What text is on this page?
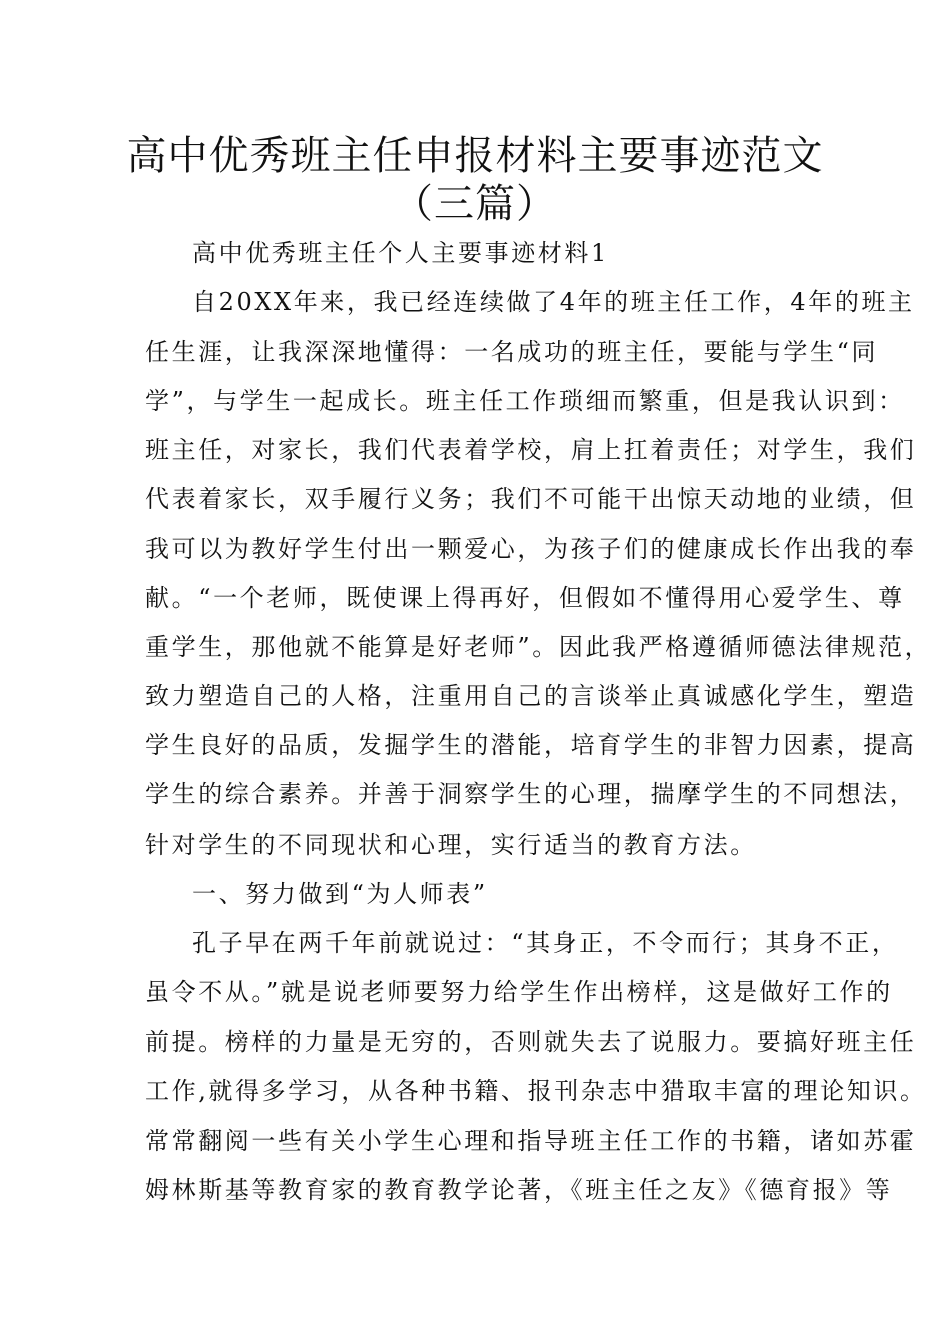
高中优秀班主任申报材料主要事迹范文
（三篇）
高中优秀班主任个人主要事迹材料1
自20XX年来，我已经连续做了4年的班主任工作，4年的班主
任生涯，让我深深地懂得：一名成功的班主任，要能与学生“同
学”，与学生一起成长。班主任工作琐细而繁重，但是我认识到：
班主任，对家长，我们代表着学校，肩上扛着责任；对学生，我们
代表着家长，双手履行义务；我们不可能干出惊天动地的业绩，但
我可以为教好学生付出一颗爱心，为孩子们的健康成长作出我的奉
献。“一个老师，既使课上得再好，但假如不懂得用心爱学生、尊
重学生，那他就不能算是好老师”。因此我严格遵循师德法律规范，
致力塑造自己的人格，注重用自己的言谈举止真诚感化学生，塑造
学生良好的品质，发掘学生的潜能，培育学生的非智力因素，提高
学生的综合素养。并善于洞察学生的心理，揣摩学生的不同想法，
针对学生的不同现状和心理，实行适当的教育方法。
一、努力做到“为人师表”
孔子早在两千年前就说过：“其身正，不令而行；其身不正，
虽令不从。”就是说老师要努力给学生作出榜样，这是做好工作的
前提。榜样的力量是无穷的，否则就失去了说服力。要搞好班主任
工作,就得多学习，从各种书籍、报刊杂志中猎取丰富的理论知识。
常常翻阅一些有关小学生心理和指导班主任工作的书籍，诸如苏霍
姆林斯基等教育家的教育教学论著，《班主任之友》《德育报》等
